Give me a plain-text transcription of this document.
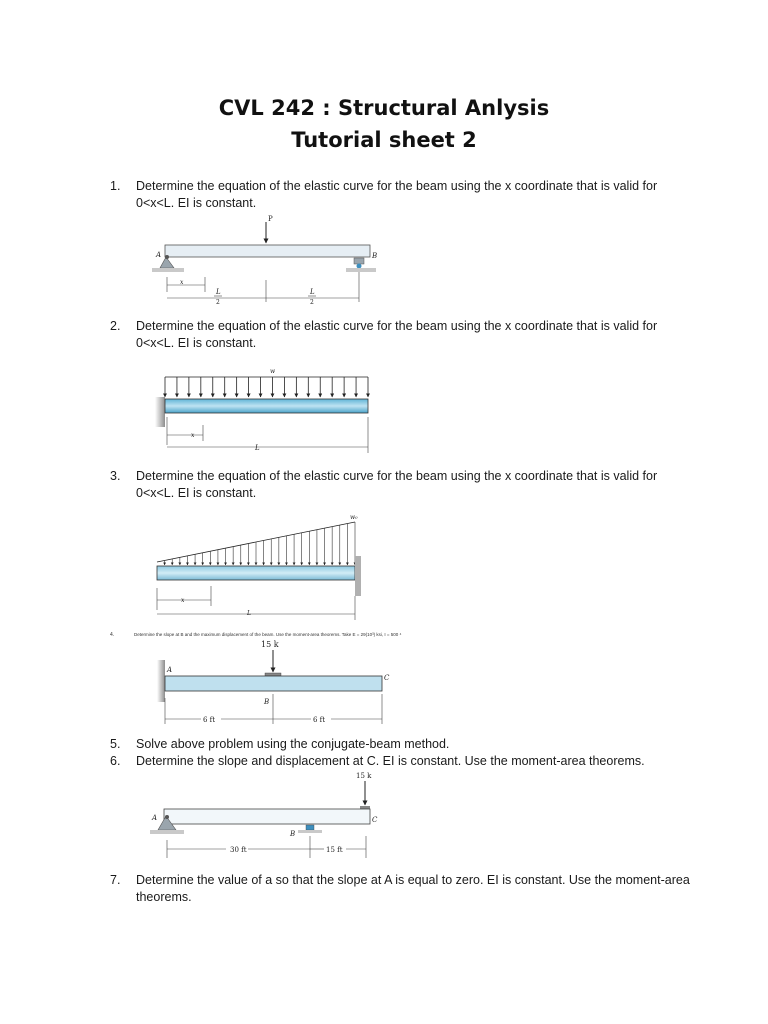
CVL 242 : Structural Anlysis
Tutorial sheet 2
1. Determine the equation of the elastic curve for the beam using the x coordinate that is valid for 0<x<L. EI is constant.
P
A	B
x
L
2
L
2
2. Determine the equation of the elastic curve for the beam using the x coordinate that is valid for 0<x<L. EI is constant.
w
x
L
3. Determine the equation of the elastic curve for the beam using the x coordinate that is valid for 0<x<L. EI is constant.
w₀
x
L
4.	Determine the slope at B and the maximum displacement of the beam. Use the moment-area theorems. Take E = 29(10³) ksi, I = 500 ⁴
15 k
A
B
C
6 ft	6 ft
5. Solve above problem using the conjugate-beam method.
6. Determine the slope and displacement at C. EI is constant. Use the moment-area theorems.
15 k
A
B
C
30 ft	15 ft
7. Determine the value of a so that the slope at A is equal to zero. EI is constant. Use the moment-area theorems.
